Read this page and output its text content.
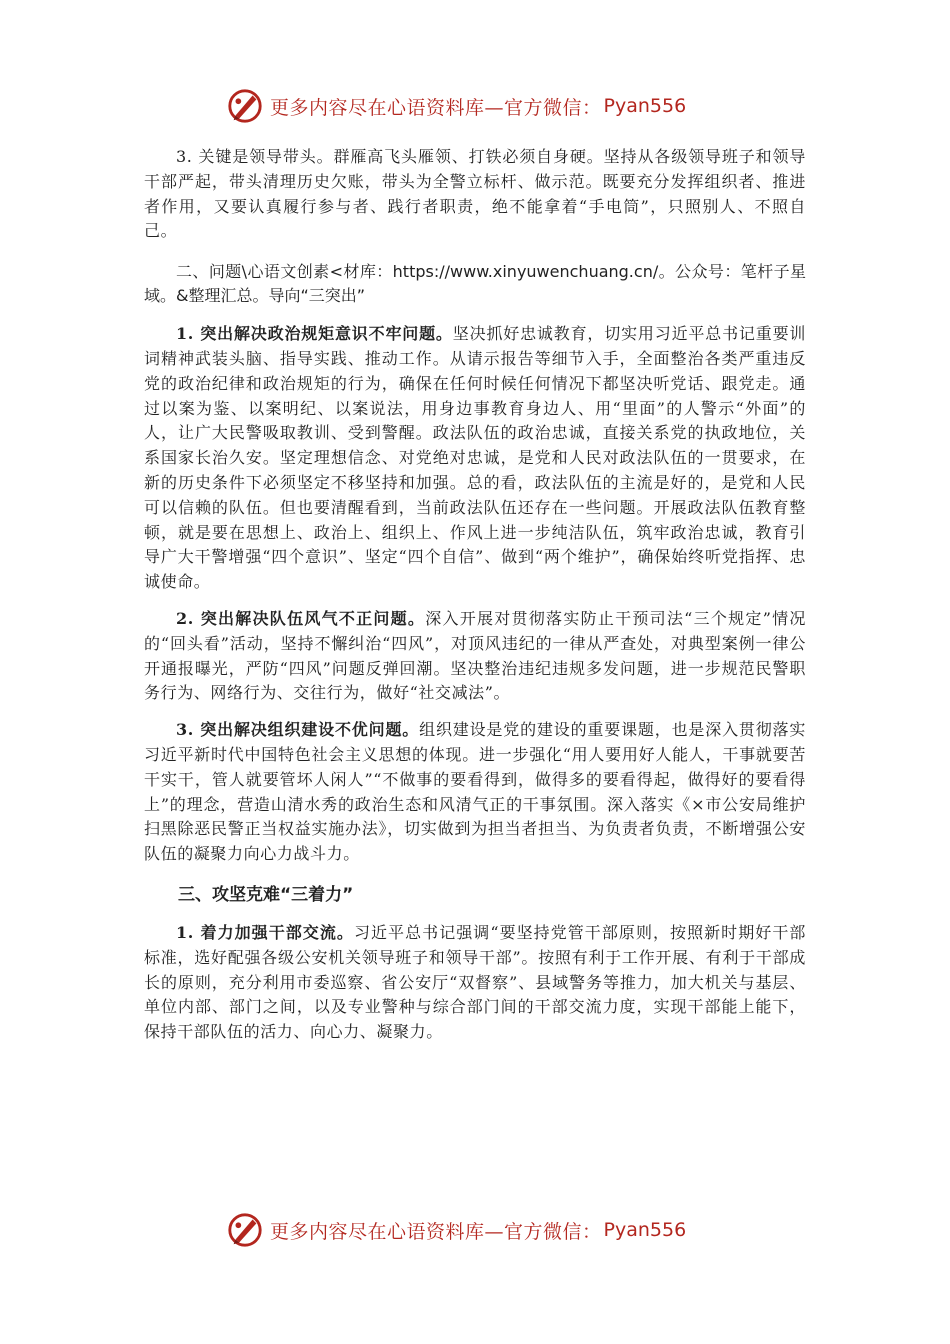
更多内容尽在心语资料库—官方微信： Pyan556

3. 关键是领导带头。群雁高飞头雁领、打铁必须自身硬。坚持从各级领导班子和领导干部严起，带头清理历史欠账，带头为全警立标杆、做示范。既要充分发挥组织者、推进者作用，又要认真履行参与者、践行者职责，绝不能拿着“手电筒”，只照别人、不照自己。

二、问题\心语文创素<材库：https://www.xinyuwenchuang.cn/。公众号：笔杆子星域。&整理汇总。导向“三突出”

1. 突出解决政治规矩意识不牢问题。坚决抓好忠诚教育，切实用习近平总书记重要训词精神武装头脑、指导实践、推动工作。从请示报告等细节入手，全面整治各类严重违反党的政治纪律和政治规矩的行为，确保在任何时候任何情况下都坚决听党话、跟党走。通过以案为鉴、以案明纪、以案说法，用身边事教育身边人、用“里面”的人警示“外面”的人，让广大民警吸取教训、受到警醒。政法队伍的政治忠诚，直接关系党的执政地位，关系国家长治久安。坚定理想信念、对党绝对忠诚，是党和人民对政法队伍的一贯要求，在新的历史条件下必须坚定不移坚持和加强。总的看，政法队伍的主流是好的，是党和人民可以信赖的队伍。但也要清醒看到，当前政法队伍还存在一些问题。开展政法队伍教育整顿，就是要在思想上、政治上、组织上、作风上进一步纯洁队伍，筑牢政治忠诚，教育引导广大干警增强“四个意识”、坚定“四个自信”、做到“两个维护”，确保始终听党指挥、忠诚使命。

2. 突出解决队伍风气不正问题。深入开展对贯彻落实防止干预司法“三个规定”情况的“回头看”活动，坚持不懈纠治“四风”，对顶风违纪的一律从严查处，对典型案例一律公开通报曝光，严防“四风”问题反弹回潮。坚决整治违纪违规多发问题，进一步规范民警职务行为、网络行为、交往行为，做好“社交减法”。

3. 突出解决组织建设不优问题。组织建设是党的建设的重要课题，也是深入贯彻落实习近平新时代中国特色社会主义思想的体现。进一步强化“用人要用好人能人，干事就要苦干实干，管人就要管坏人闲人”“不做事的要看得到，做得多的要看得起，做得好的要看得上”的理念，营造山清水秀的政治生态和风清气正的干事氛围。深入落实《×市公安局维护扫黑除恶民警正当权益实施办法》，切实做到为担当者担当、为负责者负责，不断增强公安队伍的凝聚力向心力战斗力。

三、攻坚克难“三着力”

1. 着力加强干部交流。习近平总书记强调“要坚持党管干部原则，按照新时期好干部标准，选好配强各级公安机关领导班子和领导干部”。按照有利于工作开展、有利于干部成长的原则，充分利用市委巡察、省公安厅“双督察”、县域警务等推力，加大机关与基层、单位内部、部门之间，以及专业警种与综合部门间的干部交流力度，实现干部能上能下，保持干部队伍的活力、向心力、凝聚力。

更多内容尽在心语资料库—官方微信： Pyan556
